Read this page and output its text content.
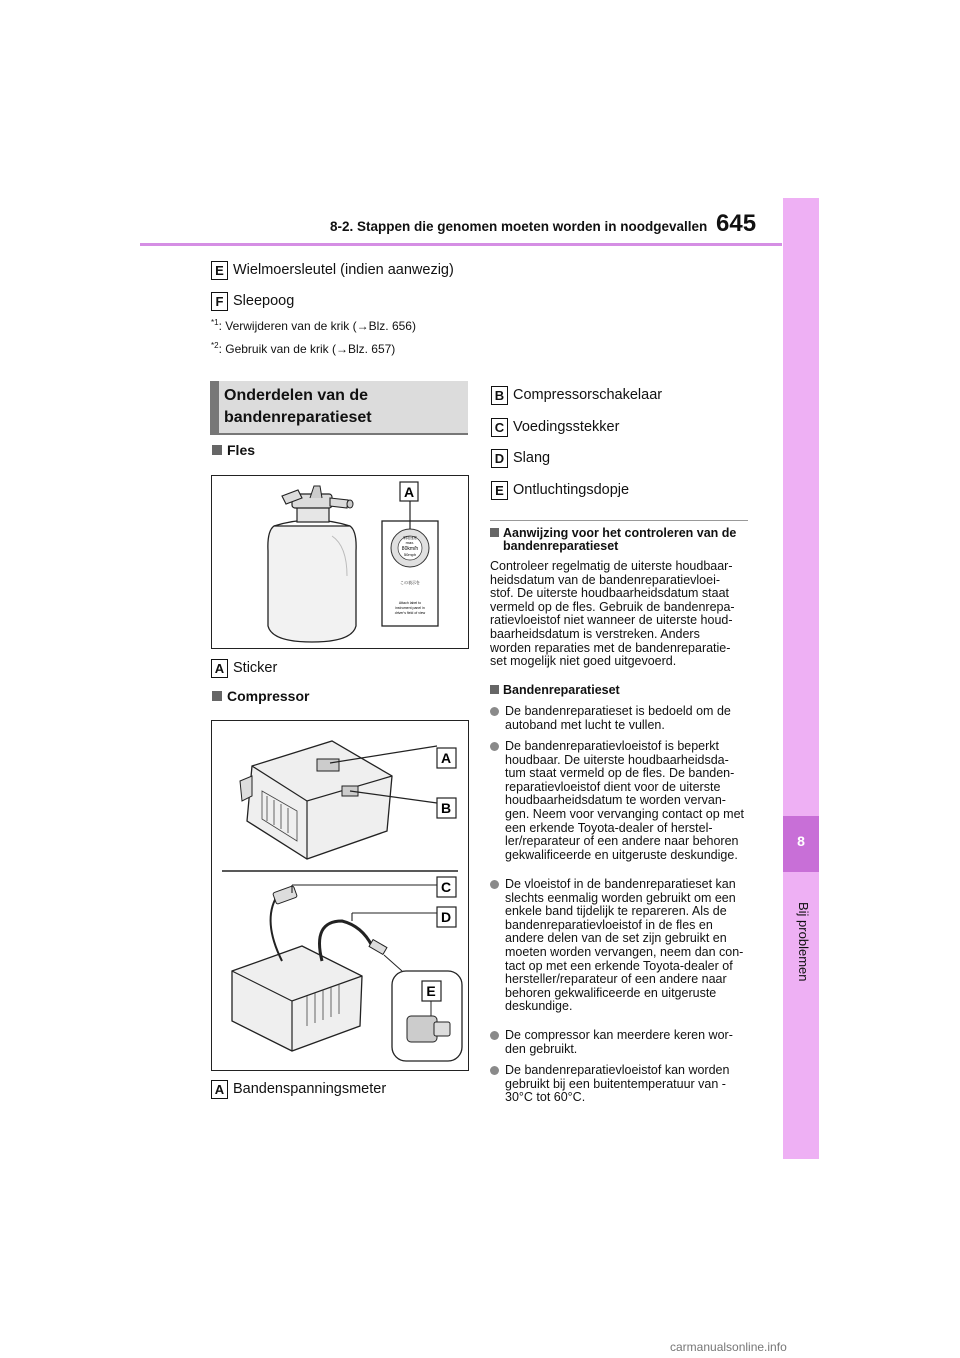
8-2. Stappen die genomen moeten worden in noodgevallen 645
8
Bij problemen
E Wielmoersleutel (indien aanwezig)
F Sleepoog
$^{*1}$: Verwijderen van de krik (→Blz. 656)
$^{*2}$: Gebruik van de krik (→Blz. 657)
Onderdelen van de
bandenreparatieset
Fles
max.
80km/h
50mph
制限速度
この表示を
Attach label to
instrument panel in
driver's field of view
A
A Sticker
Compressor
A
B
C
D
E
A Bandenspanningsmeter
B Compressorschakelaar
C Voedingsstekker
D Slang
E Ontluchtingsdopje
Aanwijzing voor het controleren van de
bandenreparatieset
Controleer regelmatig de uiterste houdbaar-
heidsdatum van de bandenreparatievloei-
stof. De uiterste houdbaarheidsdatum staat
vermeld op de fles. Gebruik de bandenrepa-
ratievloeistof niet wanneer de uiterste houd-
baarheidsdatum is verstreken. Anders
worden reparaties met de bandenreparatie-
set mogelijk niet goed uitgevoerd.
Bandenreparatieset
De bandenreparatieset is bedoeld om de
autoband met lucht te vullen.
De bandenreparatievloeistof is beperkt
houdbaar. De uiterste houdbaarheidsda-
tum staat vermeld op de fles. De banden-
reparatievloeistof dient voor de uiterste
houdbaarheidsdatum te worden vervan-
gen. Neem voor vervanging contact op met
een erkende Toyota-dealer of herstel-
ler/reparateur of een andere naar behoren
gekwalificeerde en uitgeruste deskundige.
De vloeistof in de bandenreparatieset kan
slechts eenmalig worden gebruikt om een
enkele band tijdelijk te repareren. Als de
bandenreparatievloeistof in de fles en
andere delen van de set zijn gebruikt en
moeten worden vervangen, neem dan con-
tact op met een erkende Toyota-dealer of
hersteller/reparateur of een andere naar
behoren gekwalificeerde en uitgeruste
deskundige.
De compressor kan meerdere keren wor-
den gebruikt.
De bandenreparatievloeistof kan worden
gebruikt bij een buitentemperatuur van -
30°C tot 60°C.
carmanualsonline.info
